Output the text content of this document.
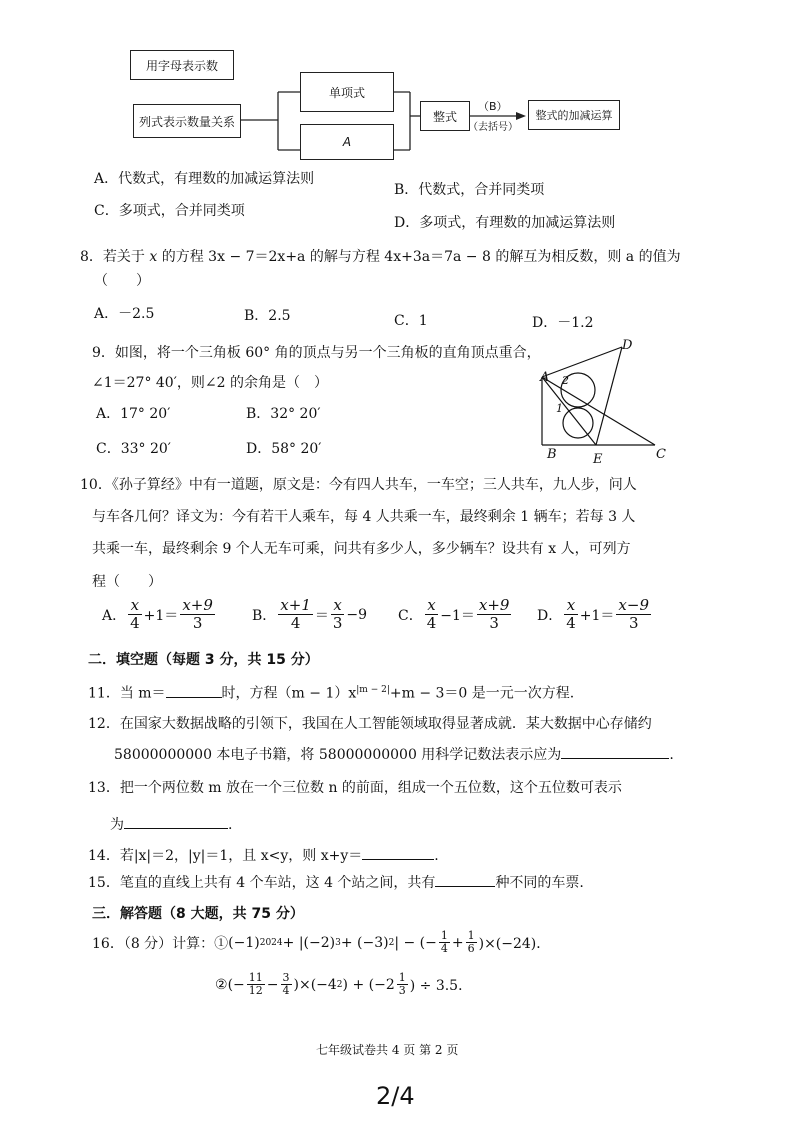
用字母表示数
列式表示数量关系
单项式
A
整式
（B）
（去括号）
整式的加减运算
A．代数式，有理数的加减运算法则
B．代数式，合并同类项
C．多项式，合并同类项
D．多项式，有理数的加减运算法则
8．若关于 x 的方程 3x − 7＝2x+a 的解与方程 4x+3a＝7a − 8 的解互为相反数，则 a 的值为
（　　）
A．－2.5	B．2.5	C．1	D．－1.2
9．如图，将一个三角板 60° 角的顶点与另一个三角板的直角顶点重合，
∠1＝27° 40′，则∠2 的余角是（　）
A．17° 20′	B．32° 20′
C．33° 20′	D．58° 20′
A 2
1
D
B	E	C
10．《孙子算经》中有一道题，原文是：今有四人共车，一车空；三人共车，九人步，问人
与车各几何？译文为：今有若干人乘车，每 4 人共乘一车，最终剩余 1 辆车；若每 3 人
共乘一车，最终剩余 9 个人无车可乘，问共有多少人，多少辆车？设共有 x 人，可列方
程（　　）
A． $\frac{x}{4} +1= \frac{x+9}{3}$	B． $\frac{x+1}{4} = \frac{x}{3} -9$ C． $\frac{x}{4} -1= \frac{x+9}{3}$ D． $\frac{x}{4} +1= \frac{x-9}{3}$
二．填空题（每题 3 分，共 15 分）
11．当 m＝	时，方程$(m - 1)x^{|m - 2|}+m - 3=0$ 是一元一次方程.
12．在国家大数据战略的引领下，我国在人工智能领域取得显著成就．某大数据中心存储约
58000000000 本电子书籍，将 58000000000 用科学记数法表示应为	.
13．把一个两位数 m 放在一个三位数 n 的前面，组成一个五位数，这个五位数可表示
为	.
14．若|x|＝2，|y|＝1，且 x<y，则 x+y＝	.
15．笔直的直线上共有 4 个车站，这 4 个站之间，共有	种不同的车票.
三．解答题（8 大题，共 75 分）
16．（8 分）计算：① (−1) 2024 + |(−2) 3 + (−3) 2 | − (− $\frac{1}{4} + \frac{1}{6} )\times(-24)$．
② (− $\frac{11}{12} - \frac{3}{4} )\times(-4$ 2 ) + ($-2 \frac{1}{3}$ ) ÷ 3.5．
七年级试卷共 4 页 第 2 页
2/4
